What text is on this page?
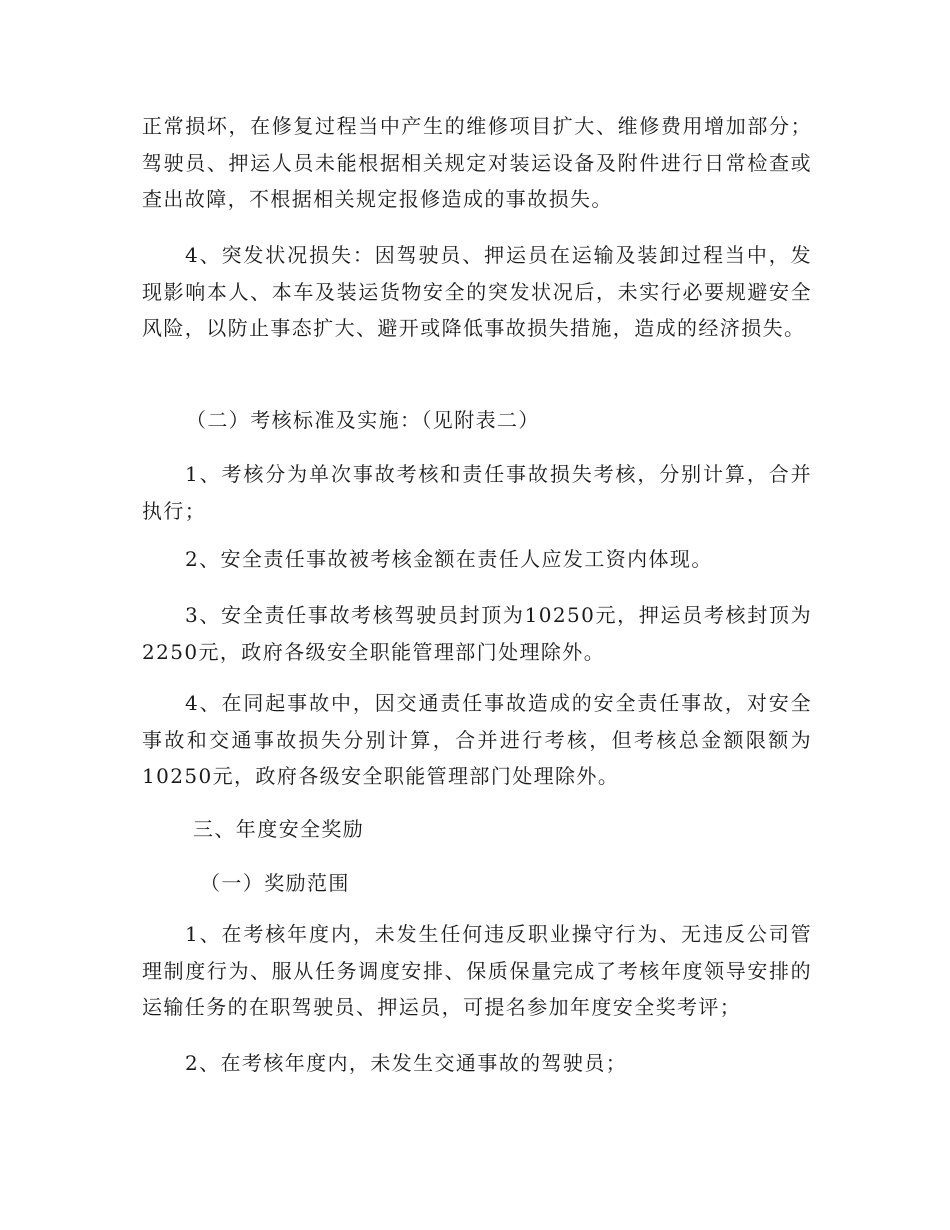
正常损坏，在修复过程当中产生的维修项目扩大、维修费用增加部分；驾驶员、押运人员未能根据相关规定对装运设备及附件进行日常检查或查出故障，不根据相关规定报修造成的事故损失。

4、突发状况损失：因驾驶员、押运员在运输及装卸过程当中，发现影响本人、本车及装运货物安全的突发状况后，未实行必要规避安全风险，以防止事态扩大、避开或降低事故损失措施，造成的经济损失。

（二）考核标准及实施：（见附表二）

1、考核分为单次事故考核和责任事故损失考核，分别计算，合并执行；

2、安全责任事故被考核金额在责任人应发工资内体现。

3、安全责任事故考核驾驶员封顶为10250元，押运员考核封顶为2250元，政府各级安全职能管理部门处理除外。

4、在同起事故中，因交通责任事故造成的安全责任事故，对安全事故和交通事故损失分别计算，合并进行考核，但考核总金额限额为10250元，政府各级安全职能管理部门处理除外。

三、年度安全奖励

（一）奖励范围

1、在考核年度内，未发生任何违反职业操守行为、无违反公司管理制度行为、服从任务调度安排、保质保量完成了考核年度领导安排的运输任务的在职驾驶员、押运员，可提名参加年度安全奖考评；

2、在考核年度内，未发生交通事故的驾驶员；
